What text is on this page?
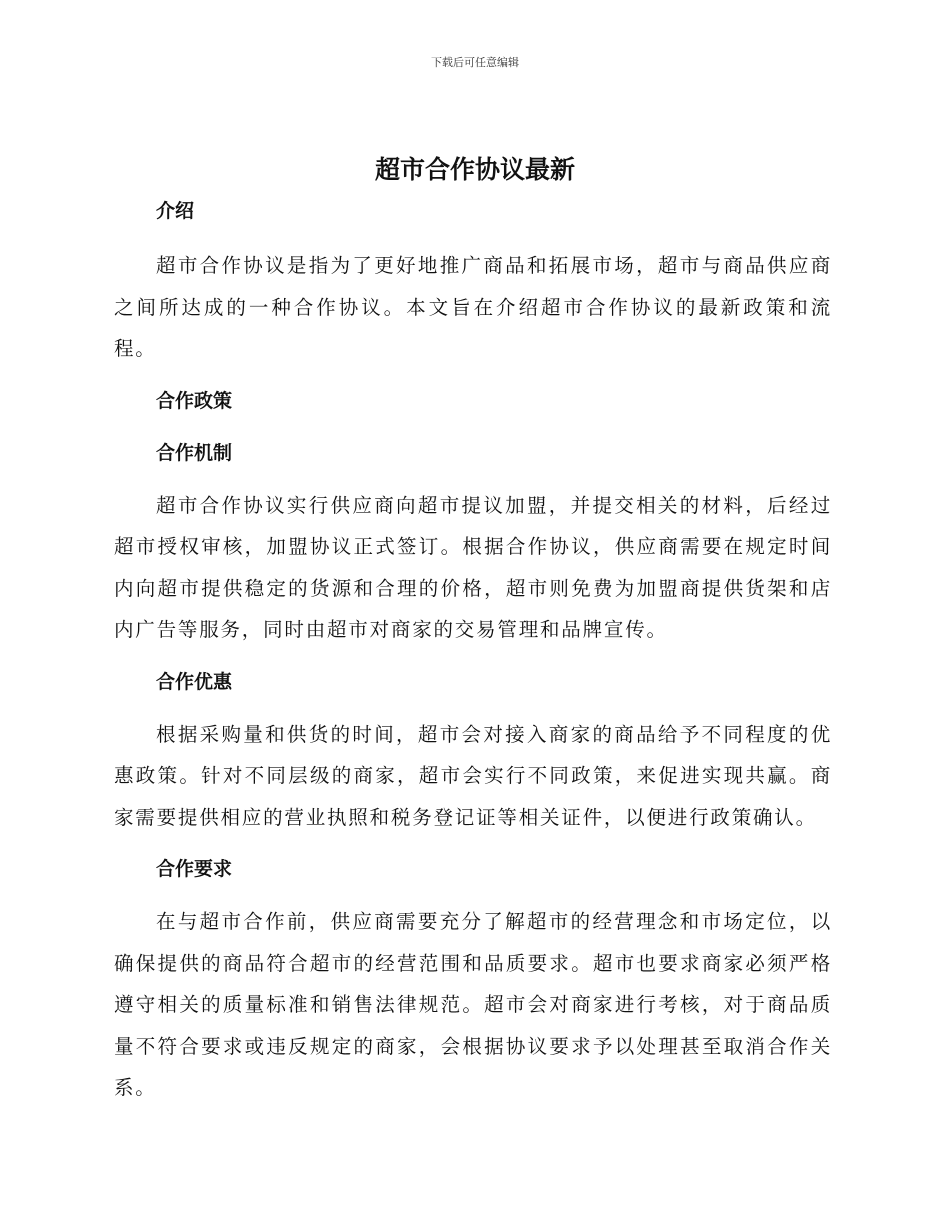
下载后可任意编辑
超市合作协议最新
介绍

超市合作协议是指为了更好地推广商品和拓展市场，超市与商品供应商之间所达成的一种合作协议。本文旨在介绍超市合作协议的最新政策和流程。

合作政策
合作机制

超市合作协议实行供应商向超市提议加盟，并提交相关的材料，后经过超市授权审核，加盟协议正式签订。根据合作协议，供应商需要在规定时间内向超市提供稳定的货源和合理的价格，超市则免费为加盟商提供货架和店内广告等服务，同时由超市对商家的交易管理和品牌宣传。

合作优惠

根据采购量和供货的时间，超市会对接入商家的商品给予不同程度的优惠政策。针对不同层级的商家，超市会实行不同政策，来促进实现共赢。商家需要提供相应的营业执照和税务登记证等相关证件，以便进行政策确认。

合作要求

在与超市合作前，供应商需要充分了解超市的经营理念和市场定位，以确保提供的商品符合超市的经营范围和品质要求。超市也要求商家必须严格遵守相关的质量标准和销售法律规范。超市会对商家进行考核，对于商品质量不符合要求或违反规定的商家，会根据协议要求予以处理甚至取消合作关系。
